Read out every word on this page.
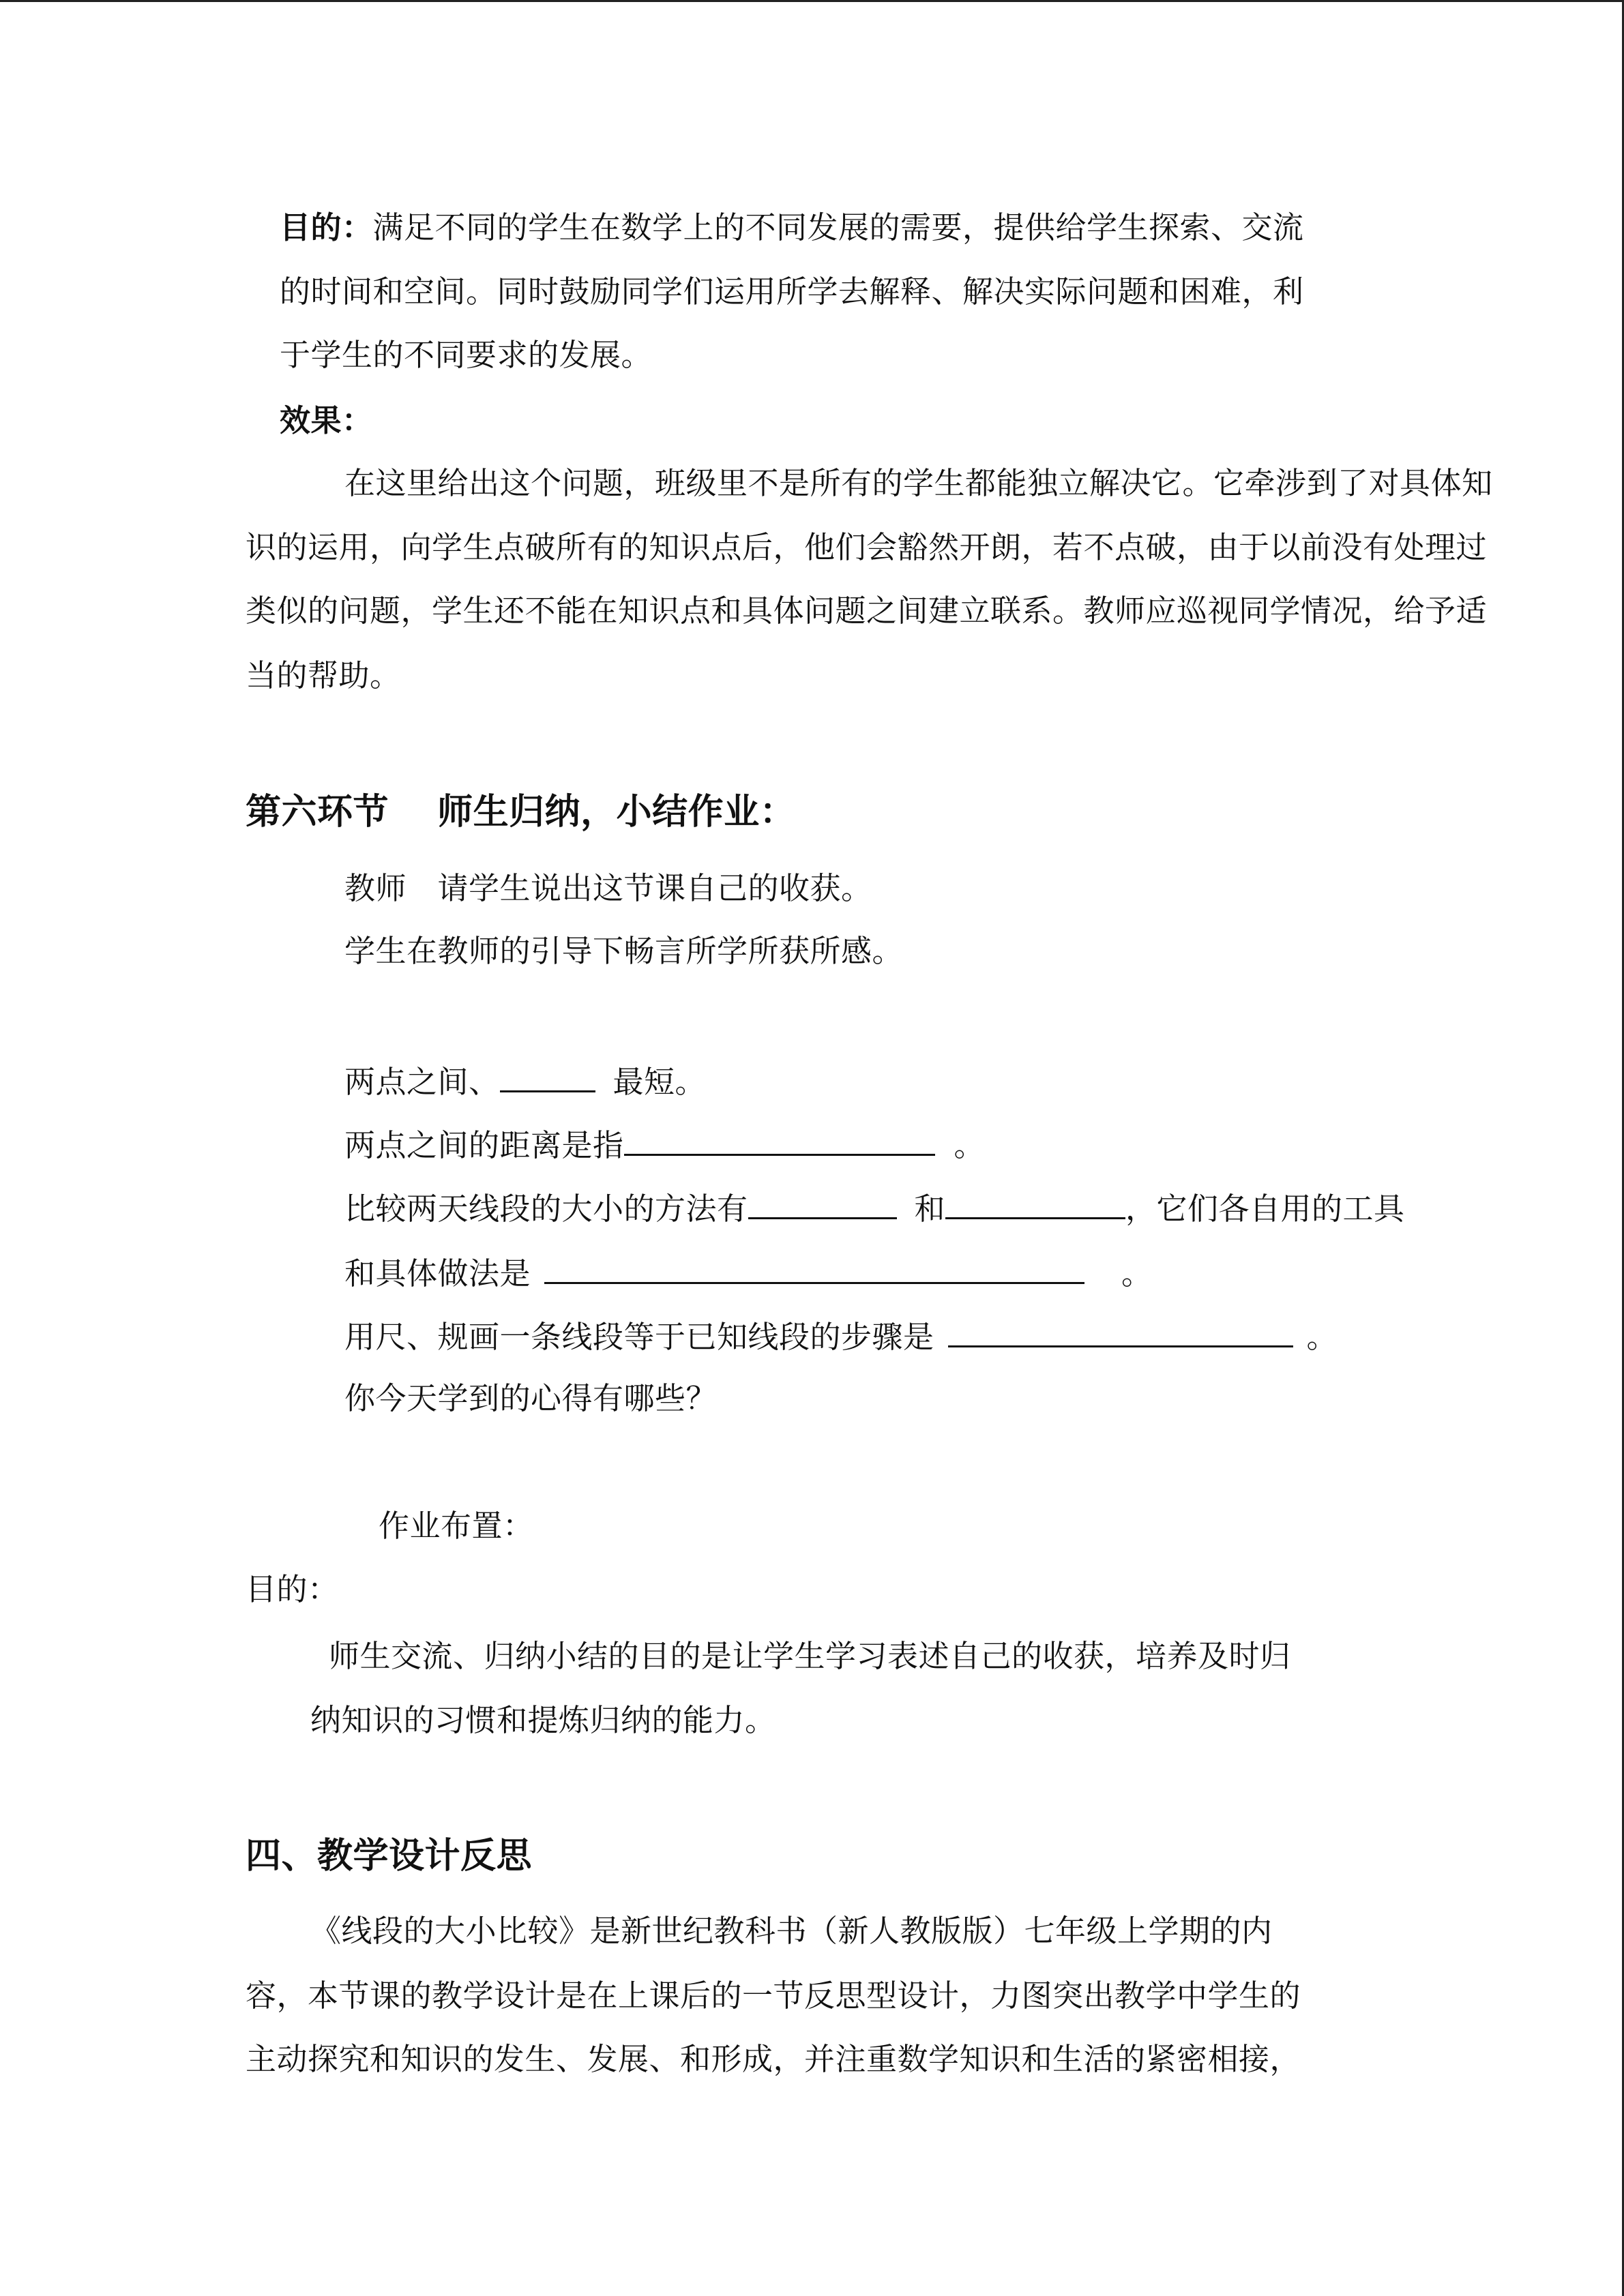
目的：满足不同的学生在数学上的不同发展的需要，提供给学生探索、交流
的时间和空间。同时鼓励同学们运用所学去解释、解决实际问题和困难，利
于学生的不同要求的发展。
效果：
在这里给出这个问题，班级里不是所有的学生都能独立解决它。它牵涉到了对具体知
识的运用，向学生点破所有的知识点后，他们会豁然开朗，若不点破，由于以前没有处理过
类似的问题，学生还不能在知识点和具体问题之间建立联系。教师应巡视同学情况，给予适
当的帮助。
第六环节　 师生归纳，小结作业：
教师　请学生说出这节课自己的收获。
学生在教师的引导下畅言所学所获所感。
两点之间、	最短。
两点之间的距离是指	。
比较两天线段的大小的方法有	和	，它们各自用的工具
和具体做法是	。
用尺、规画一条线段等于已知线段的步骤是	。
你今天学到的心得有哪些？
作业布置：
目的：
师生交流、归纳小结的目的是让学生学习表述自己的收获，培养及时归
纳知识的习惯和提炼归纳的能力。
四、教学设计反思
《线段的大小比较》是新世纪教科书（新人教版版）七年级上学期的内
容，本节课的教学设计是在上课后的一节反思型设计，力图突出教学中学生的
主动探究和知识的发生、发展、和形成，并注重数学知识和生活的紧密相接，
